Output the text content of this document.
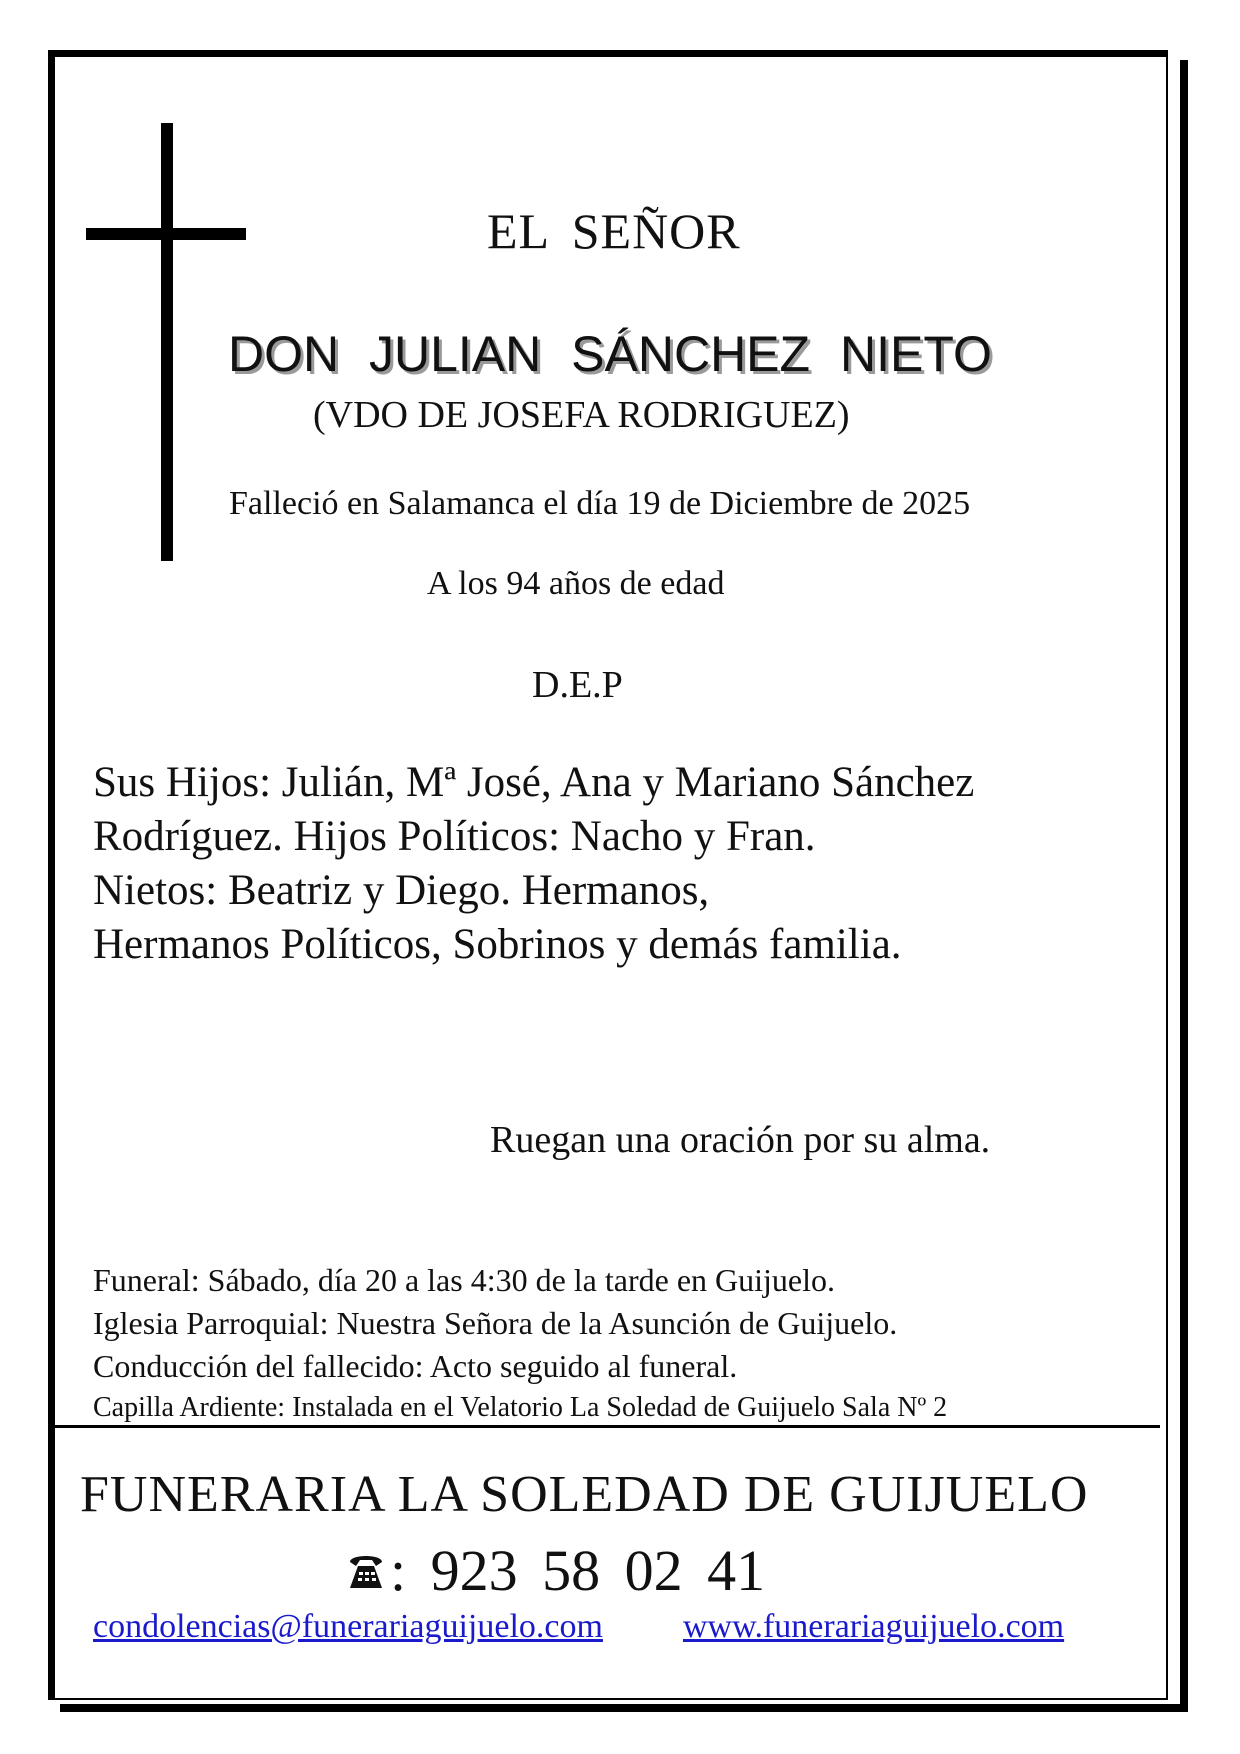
EL SEÑOR
DON JULIAN SÁNCHEZ NIETO
(VDO DE JOSEFA RODRIGUEZ)
Falleció en Salamanca el día 19 de Diciembre de 2025
A los 94 años de edad
D.E.P
Sus Hijos: Julián, Mª José, Ana y Mariano Sánchez
Rodríguez. Hijos Políticos: Nacho y Fran.
Nietos: Beatriz y Diego. Hermanos,
Hermanos Políticos, Sobrinos y demás familia.
Ruegan una oración por su alma.
Funeral: Sábado, día 20 a las 4:30 de la tarde en Guijuelo.
Iglesia Parroquial: Nuestra Señora de la Asunción de Guijuelo.
Conducción del fallecido: Acto seguido al funeral.
Capilla Ardiente: Instalada en el Velatorio La Soledad de Guijuelo Sala Nº 2
FUNERARIA LA SOLEDAD DE GUIJUELO
: 923 58 02 41
condolencias@funerariaguijuelo.com www.funerariaguijuelo.com
